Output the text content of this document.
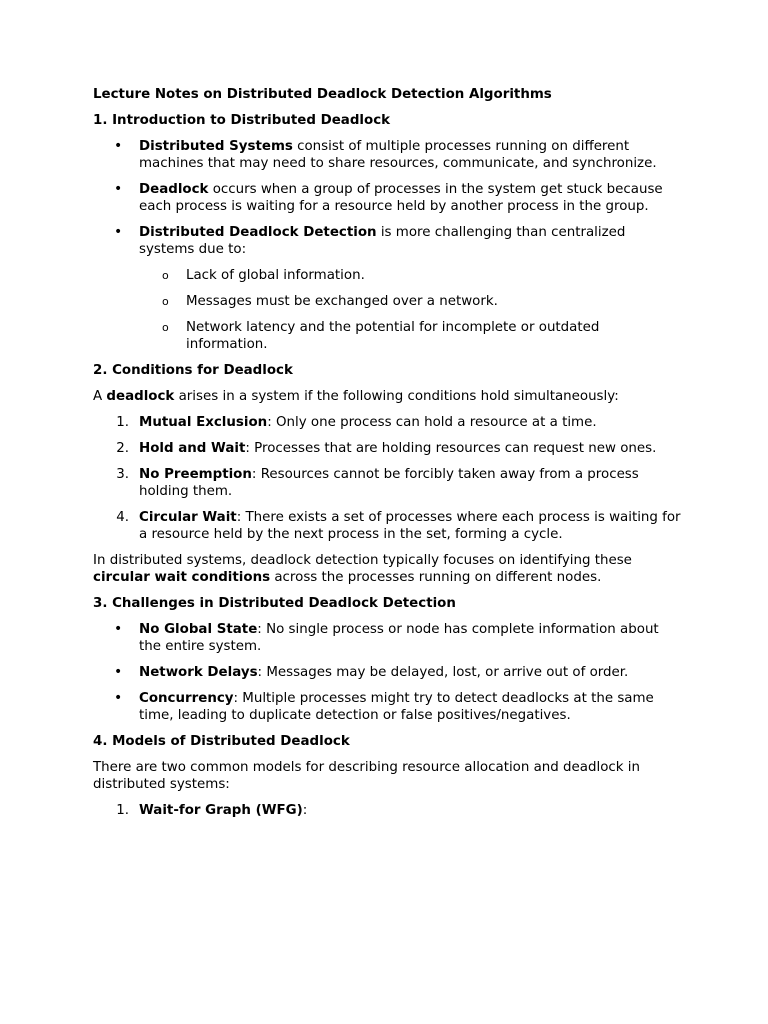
Lecture Notes on Distributed Deadlock Detection Algorithms

1. Introduction to Distributed Deadlock

• Distributed Systems consist of multiple processes running on different machines that may need to share resources, communicate, and synchronize.
• Deadlock occurs when a group of processes in the system get stuck because each process is waiting for a resource held by another process in the group.
• Distributed Deadlock Detection is more challenging than centralized systems due to:
o Lack of global information.
o Messages must be exchanged over a network.
o Network latency and the potential for incomplete or outdated information.

2. Conditions for Deadlock

A deadlock arises in a system if the following conditions hold simultaneously:

1. Mutual Exclusion: Only one process can hold a resource at a time.
2. Hold and Wait: Processes that are holding resources can request new ones.
3. No Preemption: Resources cannot be forcibly taken away from a process holding them.
4. Circular Wait: There exists a set of processes where each process is waiting for a resource held by the next process in the set, forming a cycle.

In distributed systems, deadlock detection typically focuses on identifying these circular wait conditions across the processes running on different nodes.

3. Challenges in Distributed Deadlock Detection

• No Global State: No single process or node has complete information about the entire system.
• Network Delays: Messages may be delayed, lost, or arrive out of order.
• Concurrency: Multiple processes might try to detect deadlocks at the same time, leading to duplicate detection or false positives/negatives.

4. Models of Distributed Deadlock

There are two common models for describing resource allocation and deadlock in distributed systems:

1. Wait-for Graph (WFG):
